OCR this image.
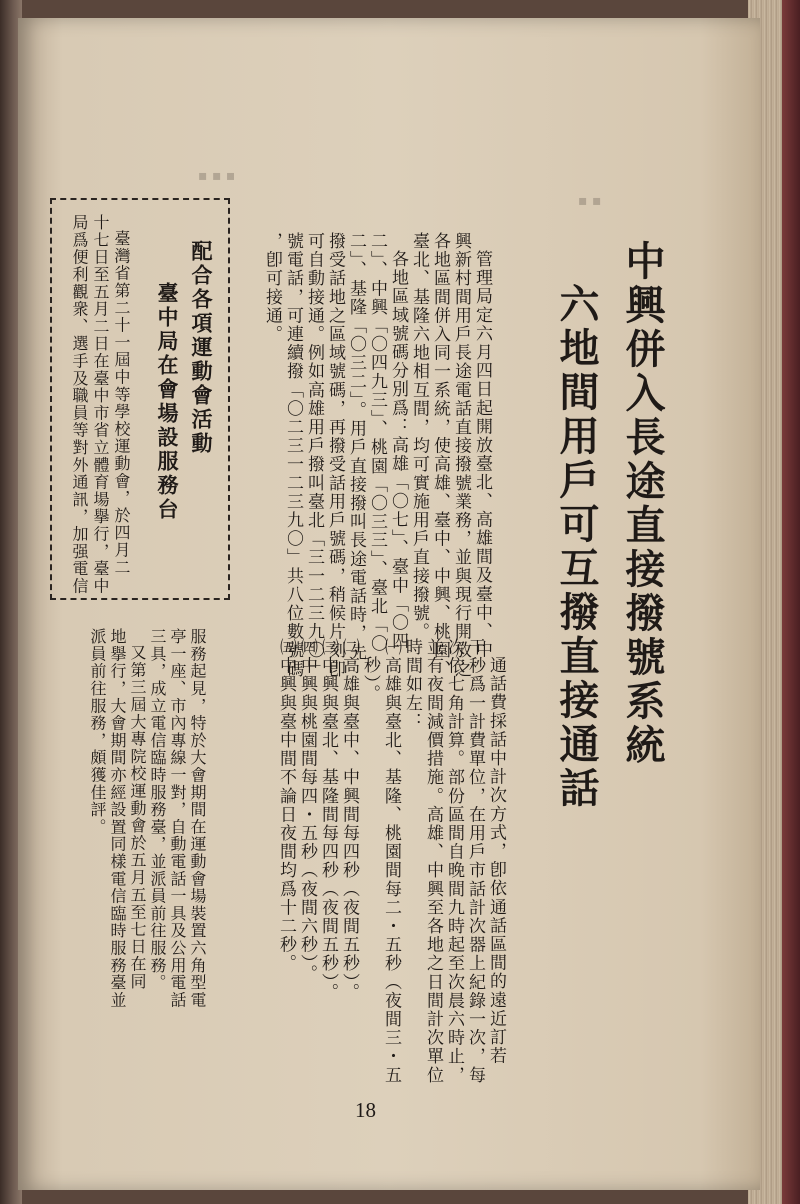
▪ ▪ ▪
▪ ▪
中興併入長途直接撥號系統
六地間用戶可互撥直接通話
管理局定六月四日起開放臺北、高雄間及臺中、中
興新村間用戶長途電話直接撥號業務，並與現行開放之
各地區間併入同一系統，使高雄、臺中、中興、桃園、
臺北、基隆六地相互間，均可實施用戶直接撥號。
各地區域號碼分別爲：高雄「〇七」、臺中「〇四
二」、中興「〇四九三」、桃園「〇三三」、臺北「〇
二」、基隆「〇三二」。用戶直接撥叫長途電話時，先
撥受話地之區域號碼，再撥受話用戶號碼，稍候片刻卽
可自動接通。例如高雄用戶撥叫臺北「三一二三九〇」
號電話，可連續撥「〇二三一二三九〇」共八位數號碼
，卽可接通。
通話費採話中計次方式，卽依通話區間的遠近訂若
干秒爲一計費單位，在用戶市話計次器上紀錄一次，每
次依七角計算。部份區間自晚間九時起至次晨六時止，
並有夜間減價措施。高雄、中興至各地之日間計次單位
時間如左：
㈠高雄與臺北、基隆、桃園間每二・五秒（夜間三・五
秒）。
㈡高雄與臺中、中興間每四秒（夜間五秒）。
㈢中興與臺北、基隆間每四秒（夜間五秒）。
㈣中興與桃園間每四・五秒（夜間六秒）。
㈤中興與臺中間不論日夜間均爲十二秒。
配合各項運動會活動
臺中局在會場設服務台
臺灣省第二十一屆中等學校運動會，於四月二
十七日至五月二日在臺中市省立體育場擧行，臺中
局爲便利觀衆、選手及職員等對外通訊，加强電信
服務起見，特於大會期間在運動會場裝置六角型電
亭一座、市內專線一對，自動電話一具及公用電話
三具，成立電信臨時服務臺，並派員前往服務。
又第三屆大專院校運動會於五月五至七日在同
地擧行，大會期間亦經設置同樣電信臨時服務臺並
派員前往服務，頗獲佳評。
18
